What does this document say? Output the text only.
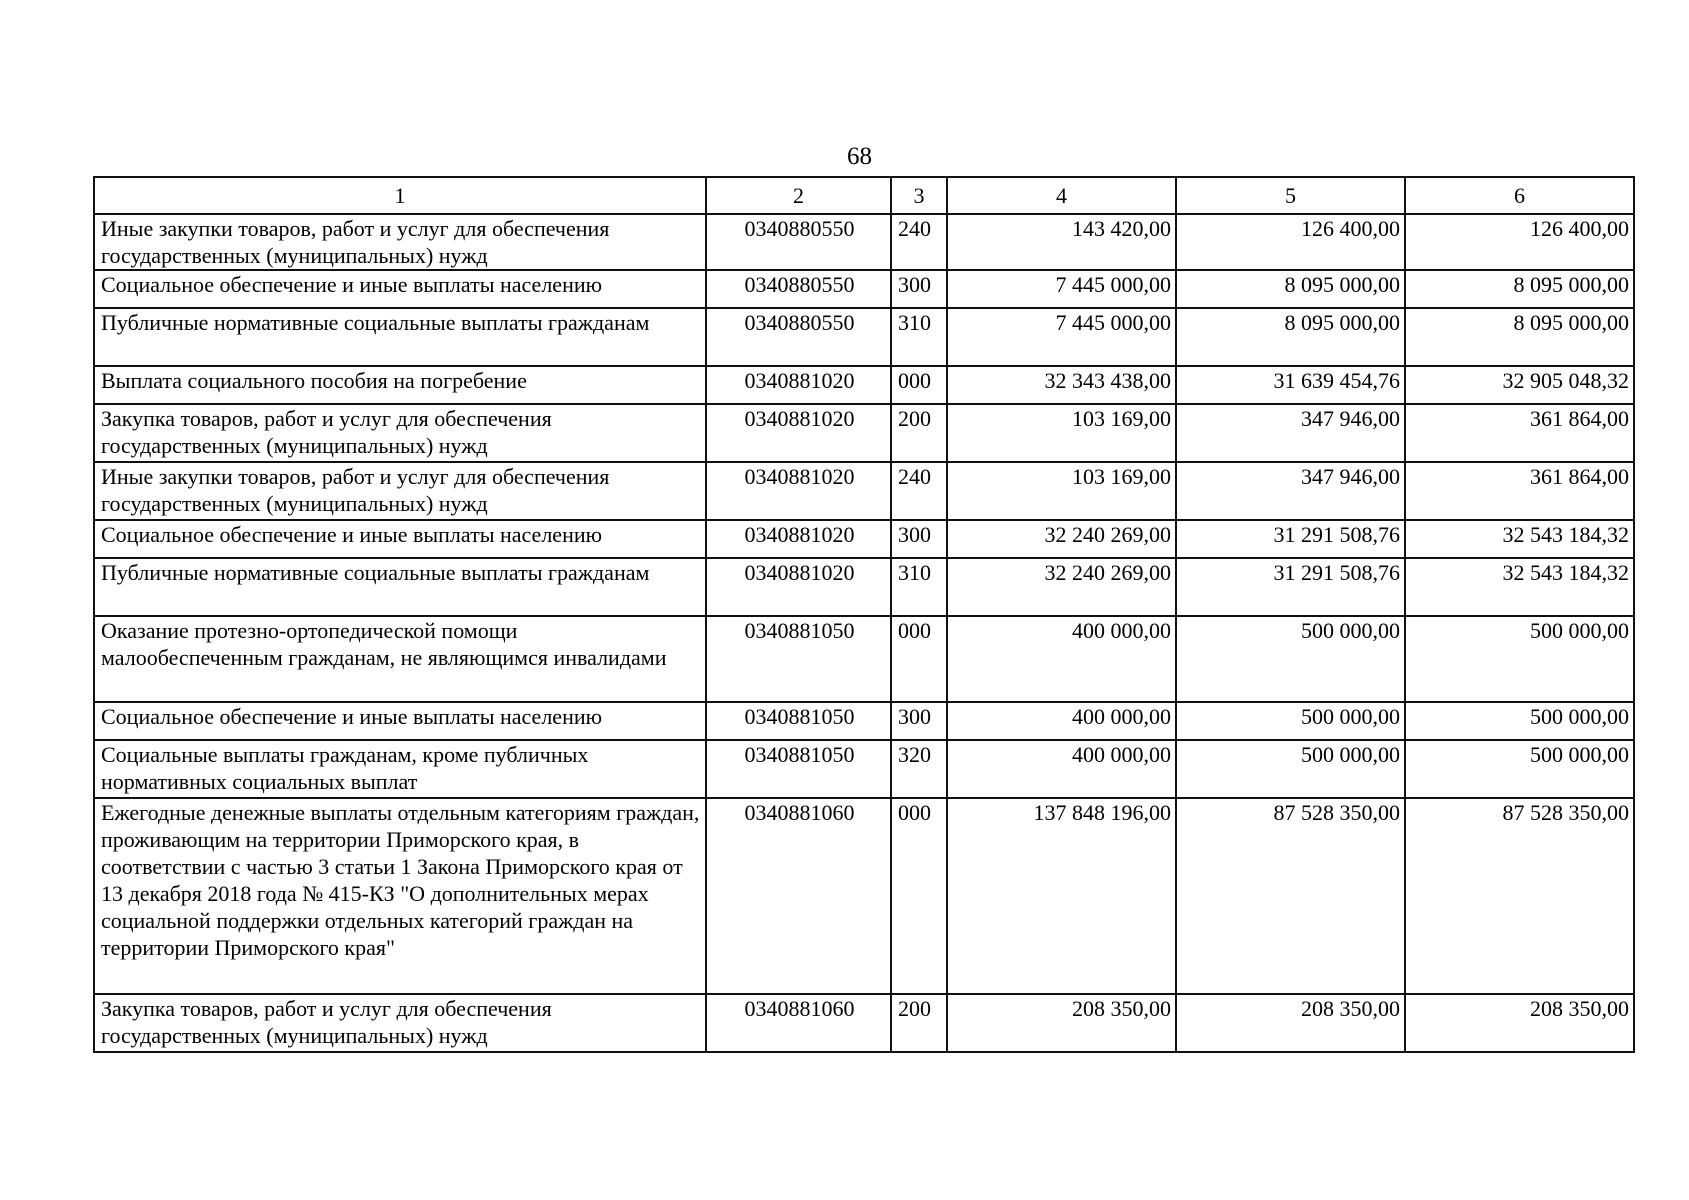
68
1	2	3	4	5	6
Иные закупки товаров, работ и услуг для обеспечения государственных (муниципальных) нужд	0340880550	240	143 420,00	126 400,00	126 400,00
Социальное обеспечение и иные выплаты населению	0340880550	300	7 445 000,00	8 095 000,00	8 095 000,00
Публичные нормативные социальные выплаты гражданам	0340880550	310	7 445 000,00	8 095 000,00	8 095 000,00
Выплата социального пособия на погребение	0340881020	000	32 343 438,00	31 639 454,76	32 905 048,32
Закупка товаров, работ и услуг для обеспечения государственных (муниципальных) нужд	0340881020	200	103 169,00	347 946,00	361 864,00
Иные закупки товаров, работ и услуг для обеспечения государственных (муниципальных) нужд	0340881020	240	103 169,00	347 946,00	361 864,00
Социальное обеспечение и иные выплаты населению	0340881020	300	32 240 269,00	31 291 508,76	32 543 184,32
Публичные нормативные социальные выплаты гражданам	0340881020	310	32 240 269,00	31 291 508,76	32 543 184,32
Оказание протезно-ортопедической помощи малообеспеченным гражданам, не являющимся инвалидами	0340881050	000	400 000,00	500 000,00	500 000,00
Социальное обеспечение и иные выплаты населению	0340881050	300	400 000,00	500 000,00	500 000,00
Социальные выплаты гражданам, кроме публичных нормативных социальных выплат	0340881050	320	400 000,00	500 000,00	500 000,00
Ежегодные денежные выплаты отдельным категориям граждан, проживающим на территории Приморского края, в соответствии с частью 3 статьи 1 Закона Приморского края от 13 декабря 2018 года № 415-КЗ "О дополнительных мерах социальной поддержки отдельных категорий граждан на территории Приморского края"	0340881060	000	137 848 196,00	87 528 350,00	87 528 350,00
Закупка товаров, работ и услуг для обеспечения государственных (муниципальных) нужд	0340881060	200	208 350,00	208 350,00	208 350,00
